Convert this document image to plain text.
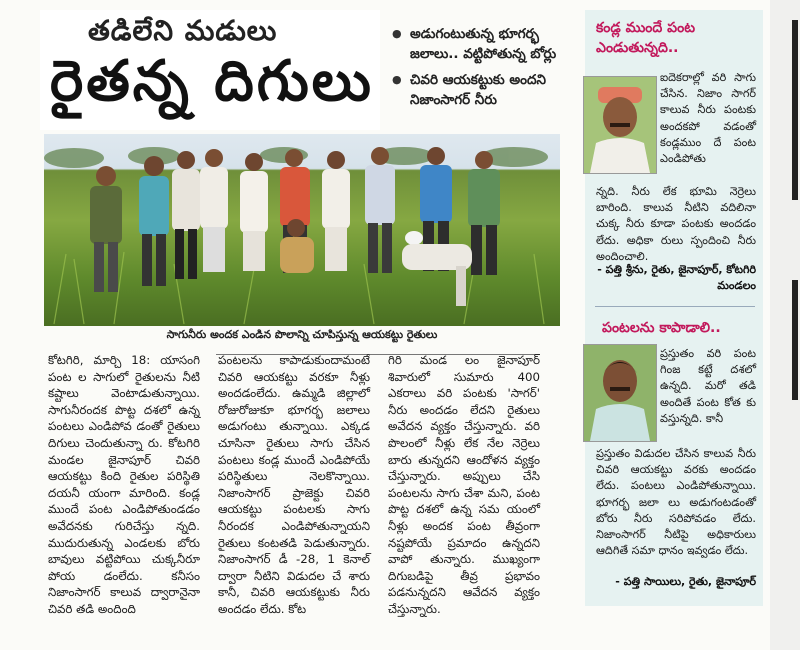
తడిలేని మడులు
రైతన్న దిగులు
● అడుగంటుతున్న భూగర్భ జలాలు.. వట్టిపోతున్న బోర్లు
● చివరి ఆయకట్టుకు అందని నిజాంసాగర్ నీరు
సాగునీరు అందక ఎండిన పొలాన్ని చూపిస్తున్న ఆయకట్టు రైతులు
కోటగిరి, మార్చి 18: యాసంగి పంట ల సాగులో రైతులను నీటి కష్టాలు వెంటాడుతున్నాయి. సాగునీరందక పొట్ట దశలో ఉన్న పంటలు ఎండిపోవ డంతో రైతులు దిగులు చెందుతున్నా రు. కోటగిరి మండల జైనాపూర్ చివరి ఆయకట్టు కింది రైతుల పరిస్థితి దయనీ యంగా మారింది. కండ్ల ముందే పంట ఎండిపోతుండడం అవేదనకు గురిచేస్తు న్నది. ముదురుతున్న ఎండలకు బోరు బావులు వట్టిపోయి చుక్కనీరూ పోయ డంలేదు. కనీసం నిజాంసాగర్ కాలువ ద్వారానైనా చివరి తడి అందింది
పంటలను కాపాడుకుందామంటే చివరి ఆయకట్టు వరకూ నీళ్లు అందడంలేదు. ఉమ్మడి జిల్లాలో రోజురోజుకూ భూగర్భ జలాలు అడుగంటు తున్నాయి. ఎక్కడ చూసినా రైతులు సాగు చేసిన పంటలు కండ్ల ముందే ఎండిపోయే పరిస్థితులు నెలకొన్నాయి. నిజాంసాగర్ ప్రాజెక్టు చివరి ఆయకట్టు పంటలకు సాగు నీరందక ఎండిపోతున్నాయని రైతులు కంటతడి పెడుతున్నారు. నిజాంసాగర్ డీ -28, 1 కెనాల్ ద్వారా నీటిని విడుదల చే శారు కానీ, చివరి ఆయకట్టుకు నీరు అందడం లేదు. కోట
గిరి మండ లం జైనాపూర్ శివారులో సుమారు 400 ఎకరాలు వరి పంటకు 'సాగర్' నీరు అందడం లేదని రైతులు అవేదన వ్యక్తం చేస్తున్నారు. వరి పొలంలో నీళ్లు లేక నేల నెర్రెలు బారు తున్నదని ఆందోళన వ్యక్తం చేస్తున్నారు. అప్పులు చేసి పంటలను సాగు చేశా మని, పంట పొట్ట దశలో ఉన్న సమ యంలో నీళ్లు అందక పంట తీవ్రంగా నష్టపోయే ప్రమాదం ఉన్నదని వాపో తున్నారు. ముఖ్యంగా దిగుబడిపై తీవ్ర ప్రభావం పడనున్నదని ఆవేదన వ్యక్తం చేస్తున్నారు.
కండ్ల ముందే పంట ఎండుతున్నది..
ఐదెకరాల్లో వరి సాగు చేసిన. నిజాం సాగర్ కాలువ నీరు పంటకు అందకపో వడంతో కండ్లముం దే పంట ఎండిపోతు
న్నది. నీరు లేక భూమి నెర్రెలు బారింది. కాలువ నీటిని వదిలినా చుక్క నీరు కూడా పంటకు అందడం లేదు. అధికా రులు స్పందించి నీరు అందించాలి.
- పత్తి శ్రీను, రైతు, జైనాపూర్, కోటగిరి మండలం
పంటలను కాపాడాలి..
ప్రస్తుతం వరి పంట గింజ కట్టే దశలో ఉన్నది. మరో తడి అందితే పంట కోత కు వస్తున్నది. కానీ
ప్రస్తుతం విడుదల చేసిన కాలువ నీరు చివరి ఆయకట్టు వరకు అందడం లేదు. పంటలు ఎండిపోతున్నాయి. భూగర్భ జలా లు అడుగంటడంతో బోరు నీరు సరిపోవడం లేదు. నిజాంసాగర్ నీటిపై అధికారులు ఆదిగితే సమా ధానం ఇవ్వడం లేదు.
- పత్తి సాయిలు, రైతు, జైనాపూర్
